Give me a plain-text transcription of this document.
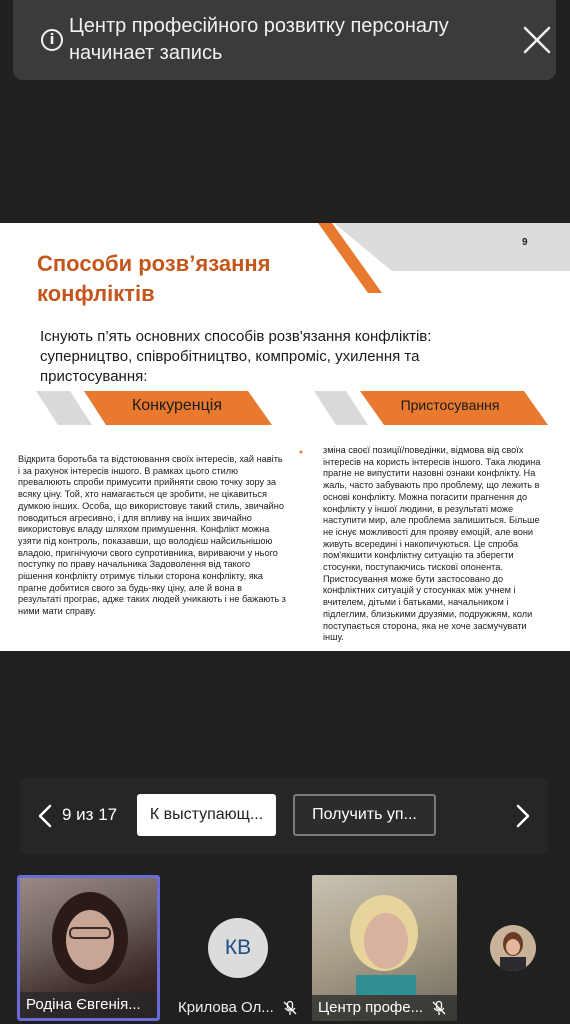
i
Центр професійного розвитку персоналу начинает запись
9
Способи розв’язання конфліктів
Існують п’ять основних способів розв'язання конфліктів: суперництво, співробітництво, компроміс, ухилення та пристосування:
Конкуренція	Пристосування
Відкрита боротьба та відстоювання своїх інтересів, хай навіть і за рахунок інтересів іншого. В рамках цього стилю превалюють спроби примусити прийняти свою точку зору за всяку ціну. Той, хто намагається це зробити, не цікавиться думкою інших. Особа, що використовує такий стиль, звичайно поводиться агресивно, і для впливу на інших звичайно використовує владу шляхом примушення. Конфлікт можна узяти під контроль, показавши, що володієш найсильнішою владою, пригнічуючи свого супротивника, вириваючи у нього поступку по праву начальника Задоволення від такого рішення конфлікту отримує тільки сторона конфлікту, яка прагне добитися свого за будь-яку ціну, але й вона в результаті програє, адже таких людей уникають і не бажають з ними мати справу.
зміна своєї позиції/поведінки, відмова від своїх інтересів на користь інтересів іншого. Така людина прагне не випустити назовні ознаки конфлікту. На жаль, часто забувають про проблему, що лежить в основі конфлікту. Можна погасити прагнення до конфлікту у іншої людини, в результаті може наступити мир, але проблема залишиться. Більше не існує можливості для прояву емоцій, але вони живуть всередині і накопичуються. Це спроба пом'якшити конфліктну ситуацію та зберегти стосунки, поступаючись тисковї опонента. Пристосування може бути застосовано до конфліктних ситуацій у стосунках між учнем і вчителем, дітьми і батьками, начальником і підлеглим, близькими друзями, подружжям, коли поступається сторона, яка не хоче засмучувати іншу.
9 из 17	К выступающ...	Получить уп...
Родіна Євгенія...
КВ
Крилова Ол...	Центр профе...
